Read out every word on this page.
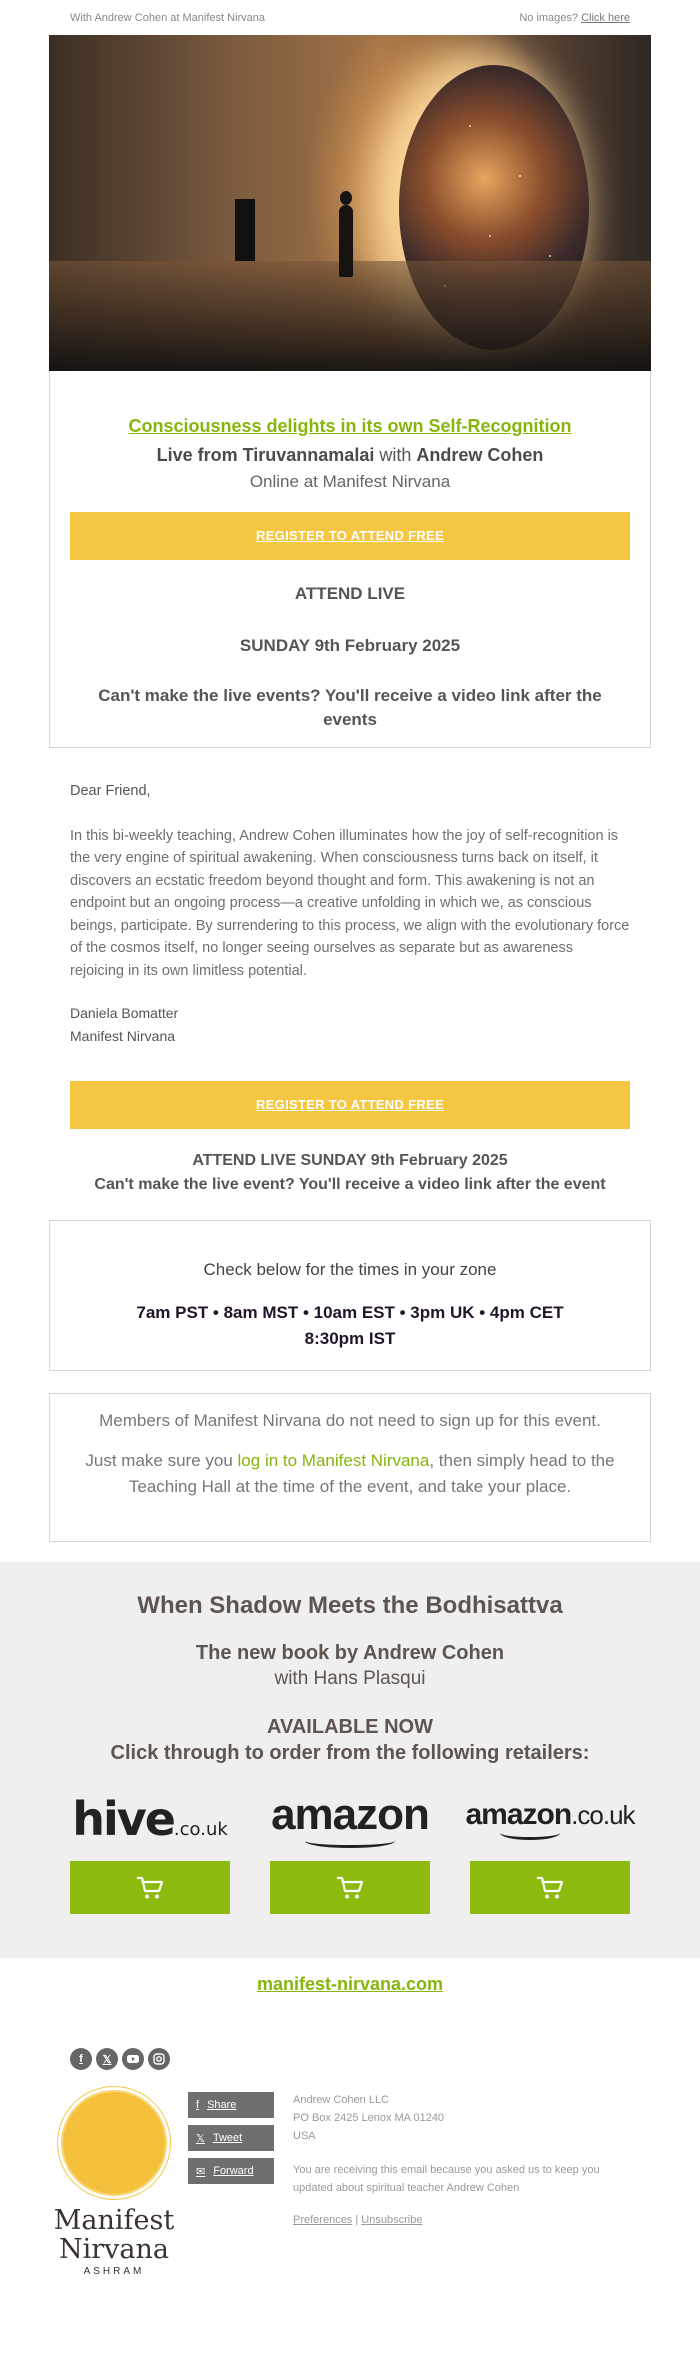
With Andrew Cohen at Manifest Nirvana	No images? Click here
Consciousness delights in its own Self-Recognition
Live from Tiruvannamalai with Andrew Cohen
Online at Manifest Nirvana
REGISTER TO ATTEND FREE
ATTEND LIVE
SUNDAY 9th February 2025
Can't make the live events? You'll receive a video link after the events

Dear Friend,

In this bi-weekly teaching, Andrew Cohen illuminates how the joy of self-recognition is the very engine of spiritual awakening. When consciousness turns back on itself, it discovers an ecstatic freedom beyond thought and form. This awakening is not an endpoint but an ongoing process—a creative unfolding in which we, as conscious beings, participate. By surrendering to this process, we align with the evolutionary force of the cosmos itself, no longer seeing ourselves as separate but as awareness rejoicing in its own limitless potential.

Daniela Bomatter
Manifest Nirvana
REGISTER TO ATTEND FREE
ATTEND LIVE SUNDAY 9th February 2025
Can't make the live event? You'll receive a video link after the event
Check below for the times in your zone
7am PST • 8am MST • 10am EST • 3pm UK • 4pm CET
8:30pm IST

Members of Manifest Nirvana do not need to sign up for this event.

Just make sure you log in to Manifest Nirvana, then simply head to the Teaching Hall at the time of the event, and take your place.

When Shadow Meets the Bodhisattva
The new book by Andrew Cohen
with Hans Plasqui
AVAILABLE NOW
Click through to order from the following retailers:
hive.co.uk amazon amazon.co.uk
manifest-nirvana.com
f	𝕏
Manifest
Nirvana
ASHRAM
f Share
𝕏 Tweet
✉ Forward
Andrew Cohen LLC
PO Box 2425 Lenox MA 01240
USA
You are receiving this email because you asked us to keep you updated about spiritual teacher Andrew Cohen
Preferences | Unsubscribe
